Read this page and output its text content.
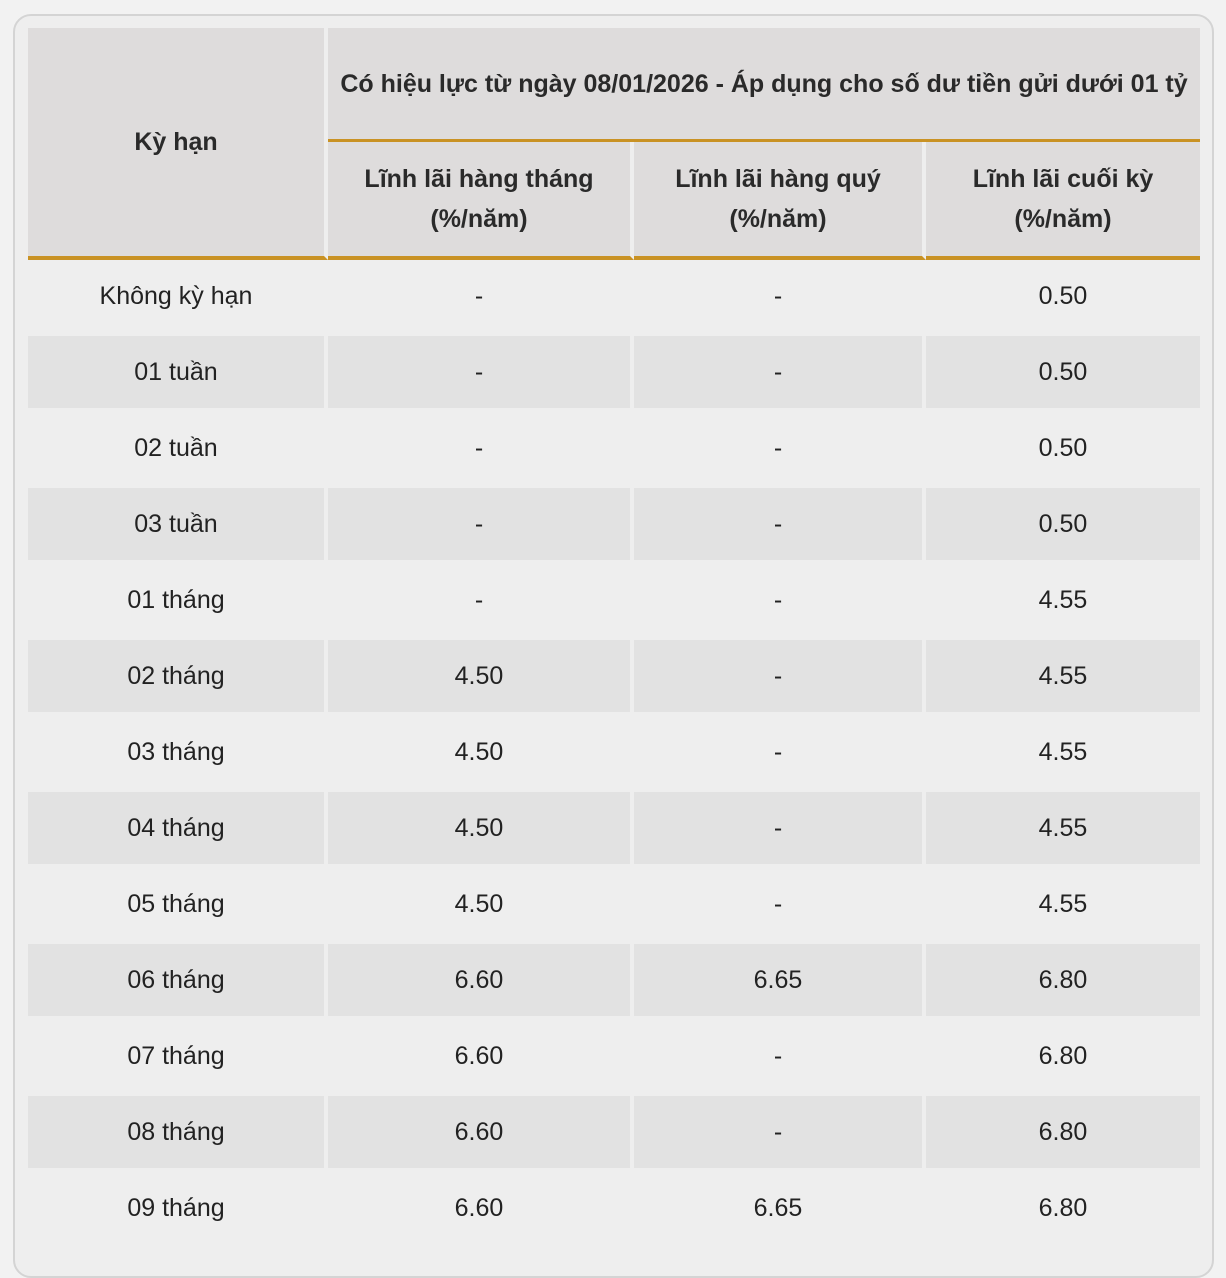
Kỳ hạn	Có hiệu lực từ ngày 08/01/2026 - Áp dụng cho số dư tiền gửi dưới 01 tỷ		
	Lĩnh lãi hàng tháng (%/năm)	Lĩnh lãi hàng quý (%/năm)	Lĩnh lãi cuối kỳ (%/năm)
Không kỳ hạn	-	-	0.50
01 tuần	-	-	0.50
02 tuần	-	-	0.50
03 tuần	-	-	0.50
01 tháng	-	-	4.55
02 tháng	4.50	-	4.55
03 tháng	4.50	-	4.55
04 tháng	4.50	-	4.55
05 tháng	4.50	-	4.55
06 tháng	6.60	6.65	6.80
07 tháng	6.60	-	6.80
08 tháng	6.60	-	6.80
09 tháng	6.60	6.65	6.80
